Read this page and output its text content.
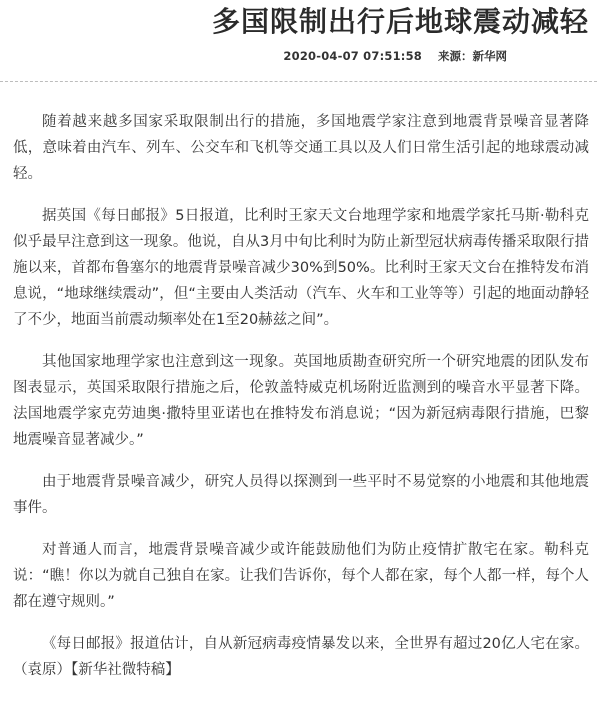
多国限制出行后地球震动减轻
2020-04-07 07:51:58 来源：新华网

随着越来越多国家采取限制出行的措施，多国地震学家注意到地震背景噪音显著降低，意味着由汽车、列车、公交车和飞机等交通工具以及人们日常生活引起的地球震动减轻。

据英国《每日邮报》5日报道，比利时王家天文台地理学家和地震学家托马斯·勒科克似乎最早注意到这一现象。他说，自从3月中旬比利时为防止新型冠状病毒传播采取限行措施以来，首都布鲁塞尔的地震背景噪音减少30%到50%。比利时王家天文台在推特发布消息说，“地球继续震动”，但“主要由人类活动（汽车、火车和工业等等）引起的地面动静轻了不少，地面当前震动频率处在1至20赫兹之间”。

其他国家地理学家也注意到这一现象。英国地质勘查研究所一个研究地震的团队发布图表显示，英国采取限行措施之后，伦敦盖特威克机场附近监测到的噪音水平显著下降。法国地震学家克劳迪奥·撒特里亚诺也在推特发布消息说；“因为新冠病毒限行措施，巴黎地震噪音显著减少。”

由于地震背景噪音减少，研究人员得以探测到一些平时不易觉察的小地震和其他地震事件。

对普通人而言，地震背景噪音减少或许能鼓励他们为防止疫情扩散宅在家。勒科克说：“瞧！你以为就自己独自在家。让我们告诉你，每个人都在家，每个人都一样，每个人都在遵守规则。”

《每日邮报》报道估计，自从新冠病毒疫情暴发以来，全世界有超过20亿人宅在家。（袁原）【新华社微特稿】
